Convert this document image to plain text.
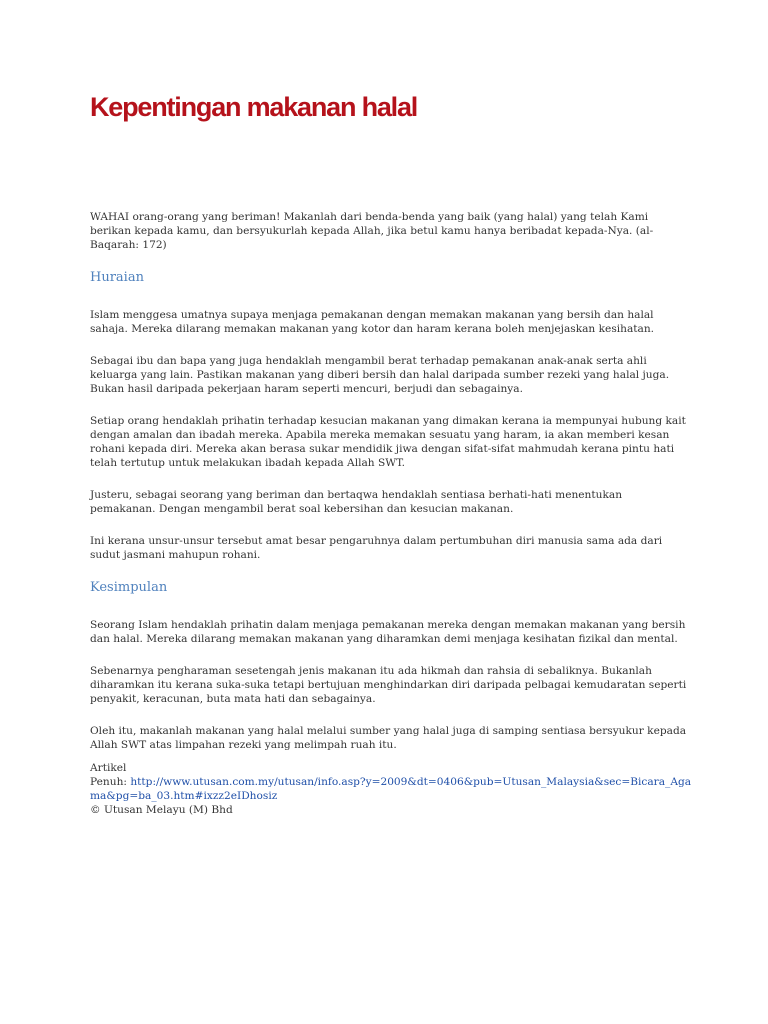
Kepentingan makanan halal

WAHAI orang-orang yang beriman! Makanlah dari benda-benda yang baik (yang halal) yang telah Kami berikan kepada kamu, dan bersyukurlah kepada Allah, jika betul kamu hanya beribadat kepada-Nya. (al-Baqarah: 172)

Huraian

Islam menggesa umatnya supaya menjaga pemakanan dengan memakan makanan yang bersih dan halal sahaja. Mereka dilarang memakan makanan yang kotor dan haram kerana boleh menjejaskan kesihatan.

Sebagai ibu dan bapa yang juga hendaklah mengambil berat terhadap pemakanan anak-anak serta ahli keluarga yang lain. Pastikan makanan yang diberi bersih dan halal daripada sumber rezeki yang halal juga. Bukan hasil daripada pekerjaan haram seperti mencuri, berjudi dan sebagainya.

Setiap orang hendaklah prihatin terhadap kesucian makanan yang dimakan kerana ia mempunyai hubung kait dengan amalan dan ibadah mereka. Apabila mereka memakan sesuatu yang haram, ia akan memberi kesan rohani kepada diri. Mereka akan berasa sukar mendidik jiwa dengan sifat-sifat mahmudah kerana pintu hati telah tertutup untuk melakukan ibadah kepada Allah SWT.

Justeru, sebagai seorang yang beriman dan bertaqwa hendaklah sentiasa berhati-hati menentukan pemakanan. Dengan mengambil berat soal kebersihan dan kesucian makanan.

Ini kerana unsur-unsur tersebut amat besar pengaruhnya dalam pertumbuhan diri manusia sama ada dari sudut jasmani mahupun rohani.

Kesimpulan

Seorang Islam hendaklah prihatin dalam menjaga pemakanan mereka dengan memakan makanan yang bersih dan halal. Mereka dilarang memakan makanan yang diharamkan demi menjaga kesihatan fizikal dan mental.

Sebenarnya pengharaman sesetengah jenis makanan itu ada hikmah dan rahsia di sebaliknya. Bukanlah diharamkan itu kerana suka-suka tetapi bertujuan menghindarkan diri daripada pelbagai kemudaratan seperti penyakit, keracunan, buta mata hati dan sebagainya.

Oleh itu, makanlah makanan yang halal melalui sumber yang halal juga di samping sentiasa bersyukur kepada Allah SWT atas limpahan rezeki yang melimpah ruah itu.

Artikel
Penuh: http://www.utusan.com.my/utusan/info.asp?y=2009&dt=0406&pub=Utusan_Malaysia&sec=Bicara_Agama&pg=ba_03.htm#ixzz2eIDhosiz
© Utusan Melayu (M) Bhd
